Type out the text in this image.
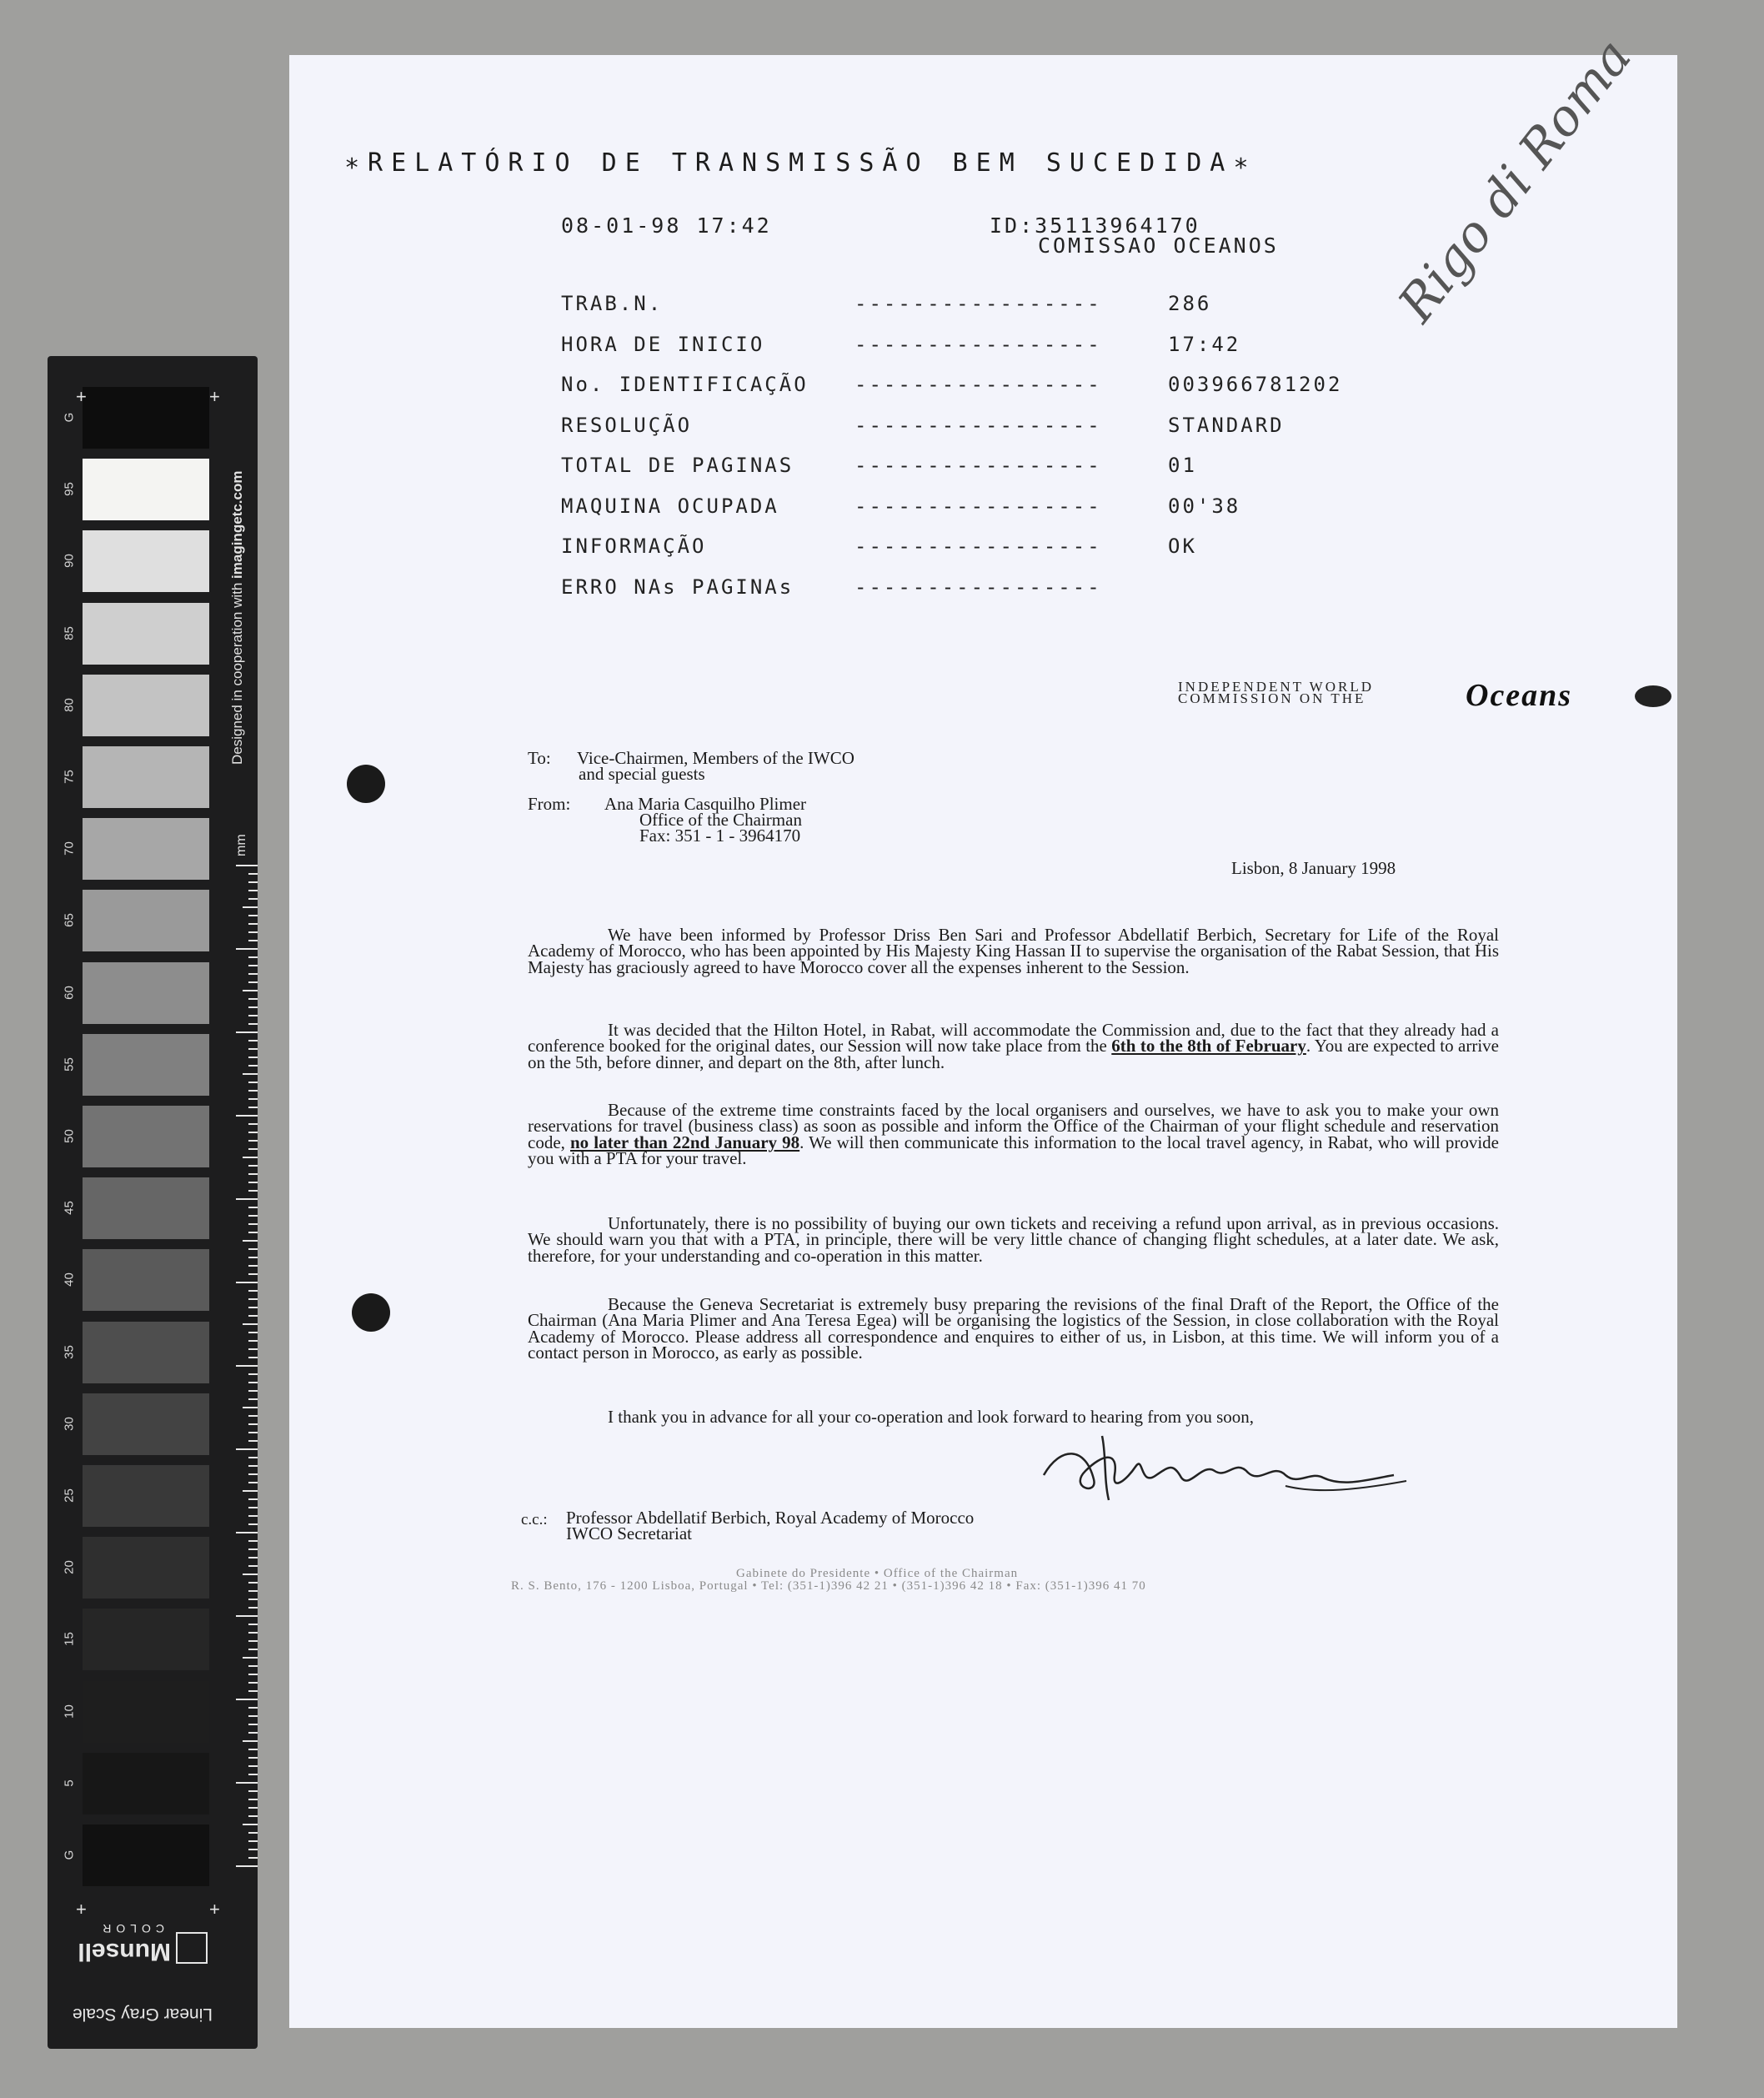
G
95
90
85
80
75
70
65
60
55
50
45
40
35
30
25
20
15
10
5
G
+	+
+	+
Designed in cooperation with imagingetc.com
mm
Linear Gray Scale
Munsell
COLOR
∗RELATÓRIO DE TRANSMISSÃO BEM SUCEDIDA∗
08-01-98 17:42	ID:35113964170
COMISSAO OCEANOS
TRAB.N.	-----------------	286
HORA DE INICIO	-----------------	17:42
No. IDENTIFICAÇÃO -----------------	003966781202
RESOLUÇÃO	-----------------	STANDARD
TOTAL DE PAGINAS	-----------------	01
MAQUINA OCUPADA	-----------------	00'38
INFORMAÇÃO	-----------------	OK
ERRO NAs PAGINAs	-----------------
Rigo di Roma
INDEPENDENT WORLD
COMMISSION ON THE	Oceans
To: Vice-Chairmen, Members of the IWCO
and special guests
From: Ana Maria Casquilho Plimer
Office of the Chairman
Fax: 351 - 1 - 3964170
Lisbon, 8 January 1998
We have been informed by Professor Driss Ben Sari and Professor Abdellatif Berbich, Secretary for Life of the Royal Academy of Morocco, who has been appointed by His Majesty King Hassan II to supervise the organisation of the Rabat Session, that His Majesty has graciously agreed to have Morocco cover all the expenses inherent to the Session.
It was decided that the Hilton Hotel, in Rabat, will accommodate the Commission and, due to the fact that they already had a conference booked for the original dates, our Session will now take place from the 6th to the 8th of February. You are expected to arrive on the 5th, before dinner, and depart on the 8th, after lunch.
Because of the extreme time constraints faced by the local organisers and ourselves, we have to ask you to make your own reservations for travel (business class) as soon as possible and inform the Office of the Chairman of your flight schedule and reservation code, no later than 22nd January 98. We will then communicate this information to the local travel agency, in Rabat, who will provide you with a PTA for your travel.
Unfortunately, there is no possibility of buying our own tickets and receiving a refund upon arrival, as in previous occasions. We should warn you that with a PTA, in principle, there will be very little chance of changing flight schedules, at a later date. We ask, therefore, for your understanding and co-operation in this matter.
Because the Geneva Secretariat is extremely busy preparing the revisions of the final Draft of the Report, the Office of the Chairman (Ana Maria Plimer and Ana Teresa Egea) will be organising the logistics of the Session, in close collaboration with the Royal Academy of Morocco. Please address all correspondence and enquires to either of us, in Lisbon, at this time. We will inform you of a contact person in Morocco, as early as possible.
I thank you in advance for all your co-operation and look forward to hearing from you soon,
c.c.: Professor Abdellatif Berbich, Royal Academy of Morocco
IWCO Secretariat
Gabinete do Presidente • Office of the Chairman
R. S. Bento, 176 - 1200 Lisboa, Portugal • Tel: (351-1)396 42 21 • (351-1)396 42 18 • Fax: (351-1)396 41 70
